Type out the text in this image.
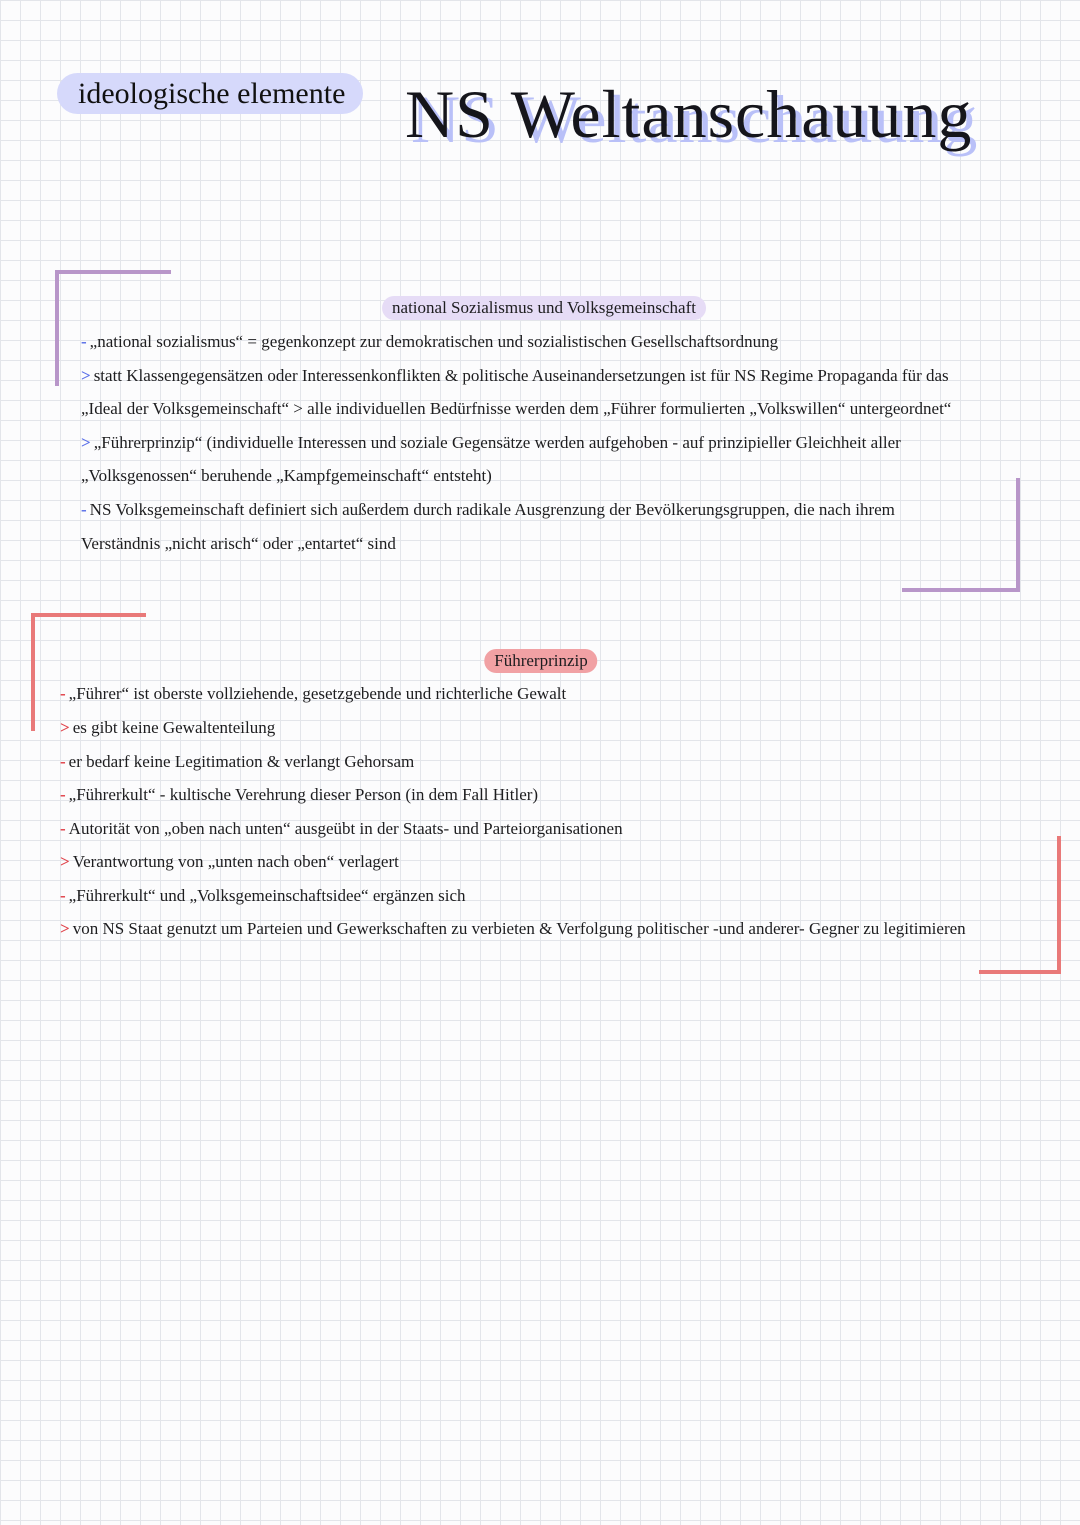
ideologische elemente NS Weltanschauung
national Sozialismus und Volksgemeinschaft
- „national sozialismus“ = gegenkonzept zur demokratischen und sozialistischen Gesellschaftsordnung
> statt Klassengegensätzen oder Interessenkonflikten & politische Auseinandersetzungen ist für NS Regime Propaganda für das
„Ideal der Volksgemeinschaft“ > alle individuellen Bedürfnisse werden dem „Führer formulierten „Volkswillen“ untergeordnet“
> „Führerprinzip“ (individuelle Interessen und soziale Gegensätze werden aufgehoben - auf prinzipieller Gleichheit aller
„Volksgenossen“ beruhende „Kampfgemeinschaft“ entsteht)
- NS Volksgemeinschaft definiert sich außerdem durch radikale Ausgrenzung der Bevölkerungsgruppen, die nach ihrem
Verständnis „nicht arisch“ oder „entartet“ sind
Führerprinzip
- „Führer“ ist oberste vollziehende, gesetzgebende und richterliche Gewalt
> es gibt keine Gewaltenteilung
- er bedarf keine Legitimation & verlangt Gehorsam
- „Führerkult“ - kultische Verehrung dieser Person (in dem Fall Hitler)
- Autorität von „oben nach unten“ ausgeübt in der Staats- und Parteiorganisationen
> Verantwortung von „unten nach oben“ verlagert
- „Führerkult“ und „Volksgemeinschaftsidee“ ergänzen sich
> von NS Staat genutzt um Parteien und Gewerkschaften zu verbieten & Verfolgung politischer -und anderer- Gegner zu legitimieren
